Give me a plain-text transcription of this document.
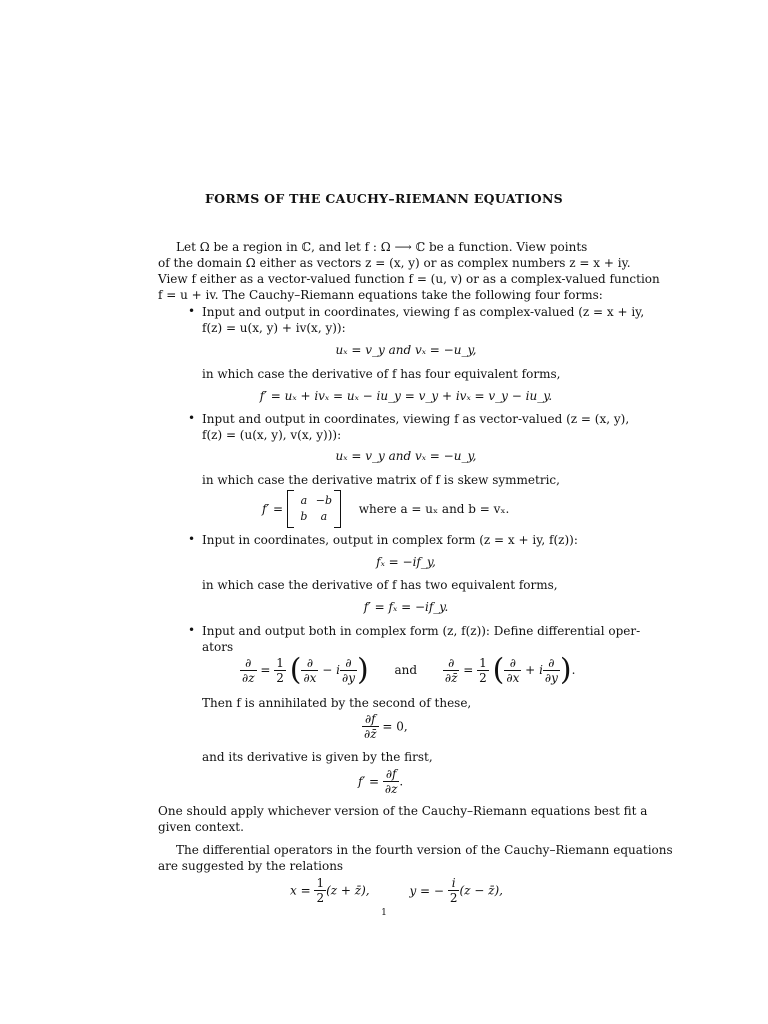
FORMS OF THE CAUCHY–RIEMANN EQUATIONS
Let Ω be a region in ℂ, and let f : Ω ⟶ ℂ be a function. View points
of the domain Ω either as vectors z = (x, y) or as complex numbers z = x + iy.
View f either as a vector-valued function f = (u, v) or as a complex-valued function
f = u + iv. The Cauchy–Riemann equations take the following four forms:
• Input and output in coordinates, viewing f as complex-valued (z = x + iy,
f(z) = u(x, y) + iv(x, y)):
uₓ = v_y and vₓ = −u_y,
in which case the derivative of f has four equivalent forms,
f′ = uₓ + ivₓ = uₓ − iu_y = v_y + ivₓ = v_y − iu_y.
• Input and output in coordinates, viewing f as vector-valued (z = (x, y),
f(z) = (u(x, y), v(x, y))):
uₓ = v_y and vₓ = −u_y,
in which case the derivative matrix of f is skew symmetric,
f′ = a −b
b a where a = uₓ and b = vₓ.
• Input in coordinates, output in complex form (z = x + iy, f(z)):
fₓ = −if_y,
in which case the derivative of f has two equivalent forms,
f′ = fₓ = −if_y.
• Input and output both in complex form (z, f(z)): Define differential oper-
ators
$\frac{\partial}{\partial z} = \frac{1}{2}$ ( $\frac{\partial}{\partial x} - i \frac{\partial}{\partial y}$ ) and $\frac{\partial}{\partial z̄} = \frac{1}{2}$ ( $\frac{\partial}{\partial x} + i \frac{\partial}{\partial y}$ ).
Then f is annihilated by the second of these,
$\frac{\partial f}{\partial z̄} = 0$,
and its derivative is given by the first,
$f' = \frac{\partial f}{\partial z}$ .
One should apply whichever version of the Cauchy–Riemann equations best fit a
given context.
The differential operators in the fourth version of the Cauchy–Riemann equations
are suggested by the relations
$x = \frac{1}{2} (z$ + z̄),	y = − $\frac{i}{2} (z$ − z̄),
1
